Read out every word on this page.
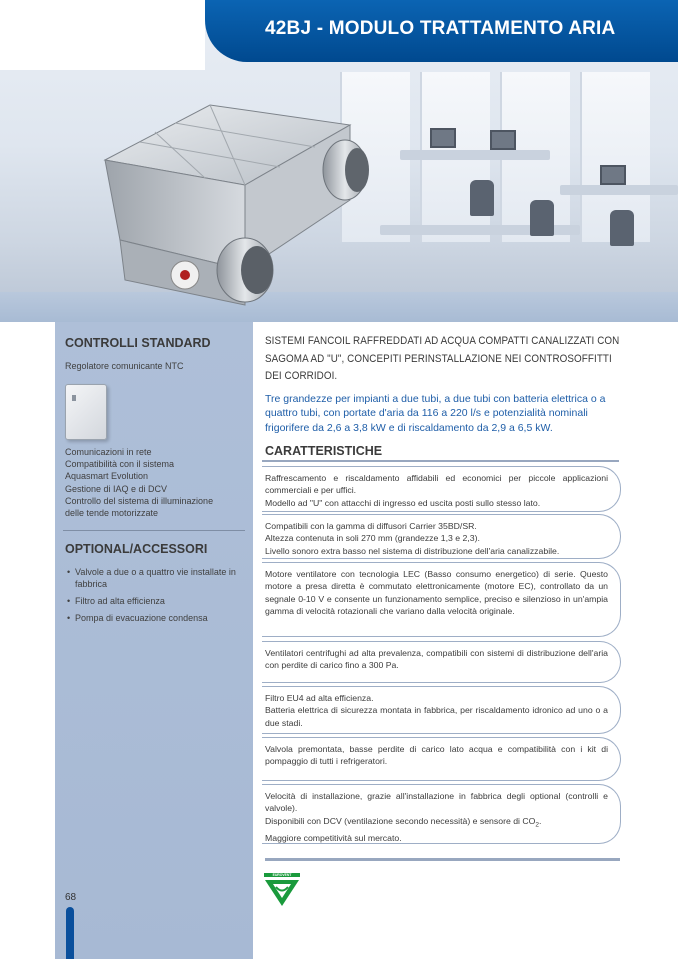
42BJ - MODULO TRATTAMENTO ARIA
CONTROLLI STANDARD
Regolatore comunicante NTC
Comunicazioni in rete
Compatibilità con il sistema
Aquasmart Evolution
Gestione di IAQ e di DCV
Controllo del sistema di illuminazione
delle tende motorizzate
OPTIONAL/ACCESSORI
• Valvole a due o a quattro vie installate in fabbrica
• Filtro ad alta efficienza
• Pompa di evacuazione condensa
68
SISTEMI FANCOIL RAFFREDDATI AD ACQUA COMPATTI CANALIZZATI CON SAGOMA AD "U", CONCEPITI PERINSTALLAZIONE NEI CONTROSOFFITTI DEI CORRIDOI.
Tre grandezze per impianti a due tubi, a due tubi con batteria elettrica o a quattro tubi, con portate d'aria da 116 a 220 l/s e potenzialità nominali frigorifere da 2,6 a 3,8 kW e di riscaldamento da 2,9 a 6,5 kW.
CARATTERISTICHE

Raffrescamento e riscaldamento affidabili ed economici per piccole applicazioni commerciali e per uffici.

Modello ad "U" con attacchi di ingresso ed uscita posti sullo stesso lato.

Compatibili con la gamma di diffusori Carrier 35BD/SR.

Altezza contenuta in soli 270 mm (grandezze 1,3 e 2,3).

Livello sonoro extra basso nel sistema di distribuzione dell'aria canalizzabile.

Motore ventilatore con tecnologia LEC (Basso consumo energetico) di serie. Questo motore a presa diretta è commutato elettronicamente (motore EC), controllato da un segnale 0-10 V e consente un funzionamento semplice, preciso e silenzioso in un'ampia gamma di velocità rotazionali che variano dalla velocità originale.

Ventilatori centrifughi ad alta prevalenza, compatibili con sistemi di distribuzione dell'aria con perdite di carico fino a 300 Pa.

Filtro EU4 ad alta efficienza.

Batteria elettrica di sicurezza montata in fabbrica, per riscaldamento idronico ad uno o a due stadi.

Valvola premontata, basse perdite di carico lato acqua e compatibilità con i kit di pompaggio di tutti i refrigeratori.

Velocità di installazione, grazie all'installazione in fabbrica degli optional (controlli e valvole).

Disponibili con DCV (ventilazione secondo necessità) e sensore di $CO_2$.

Maggiore competitività sul mercato.

EUROVENT
